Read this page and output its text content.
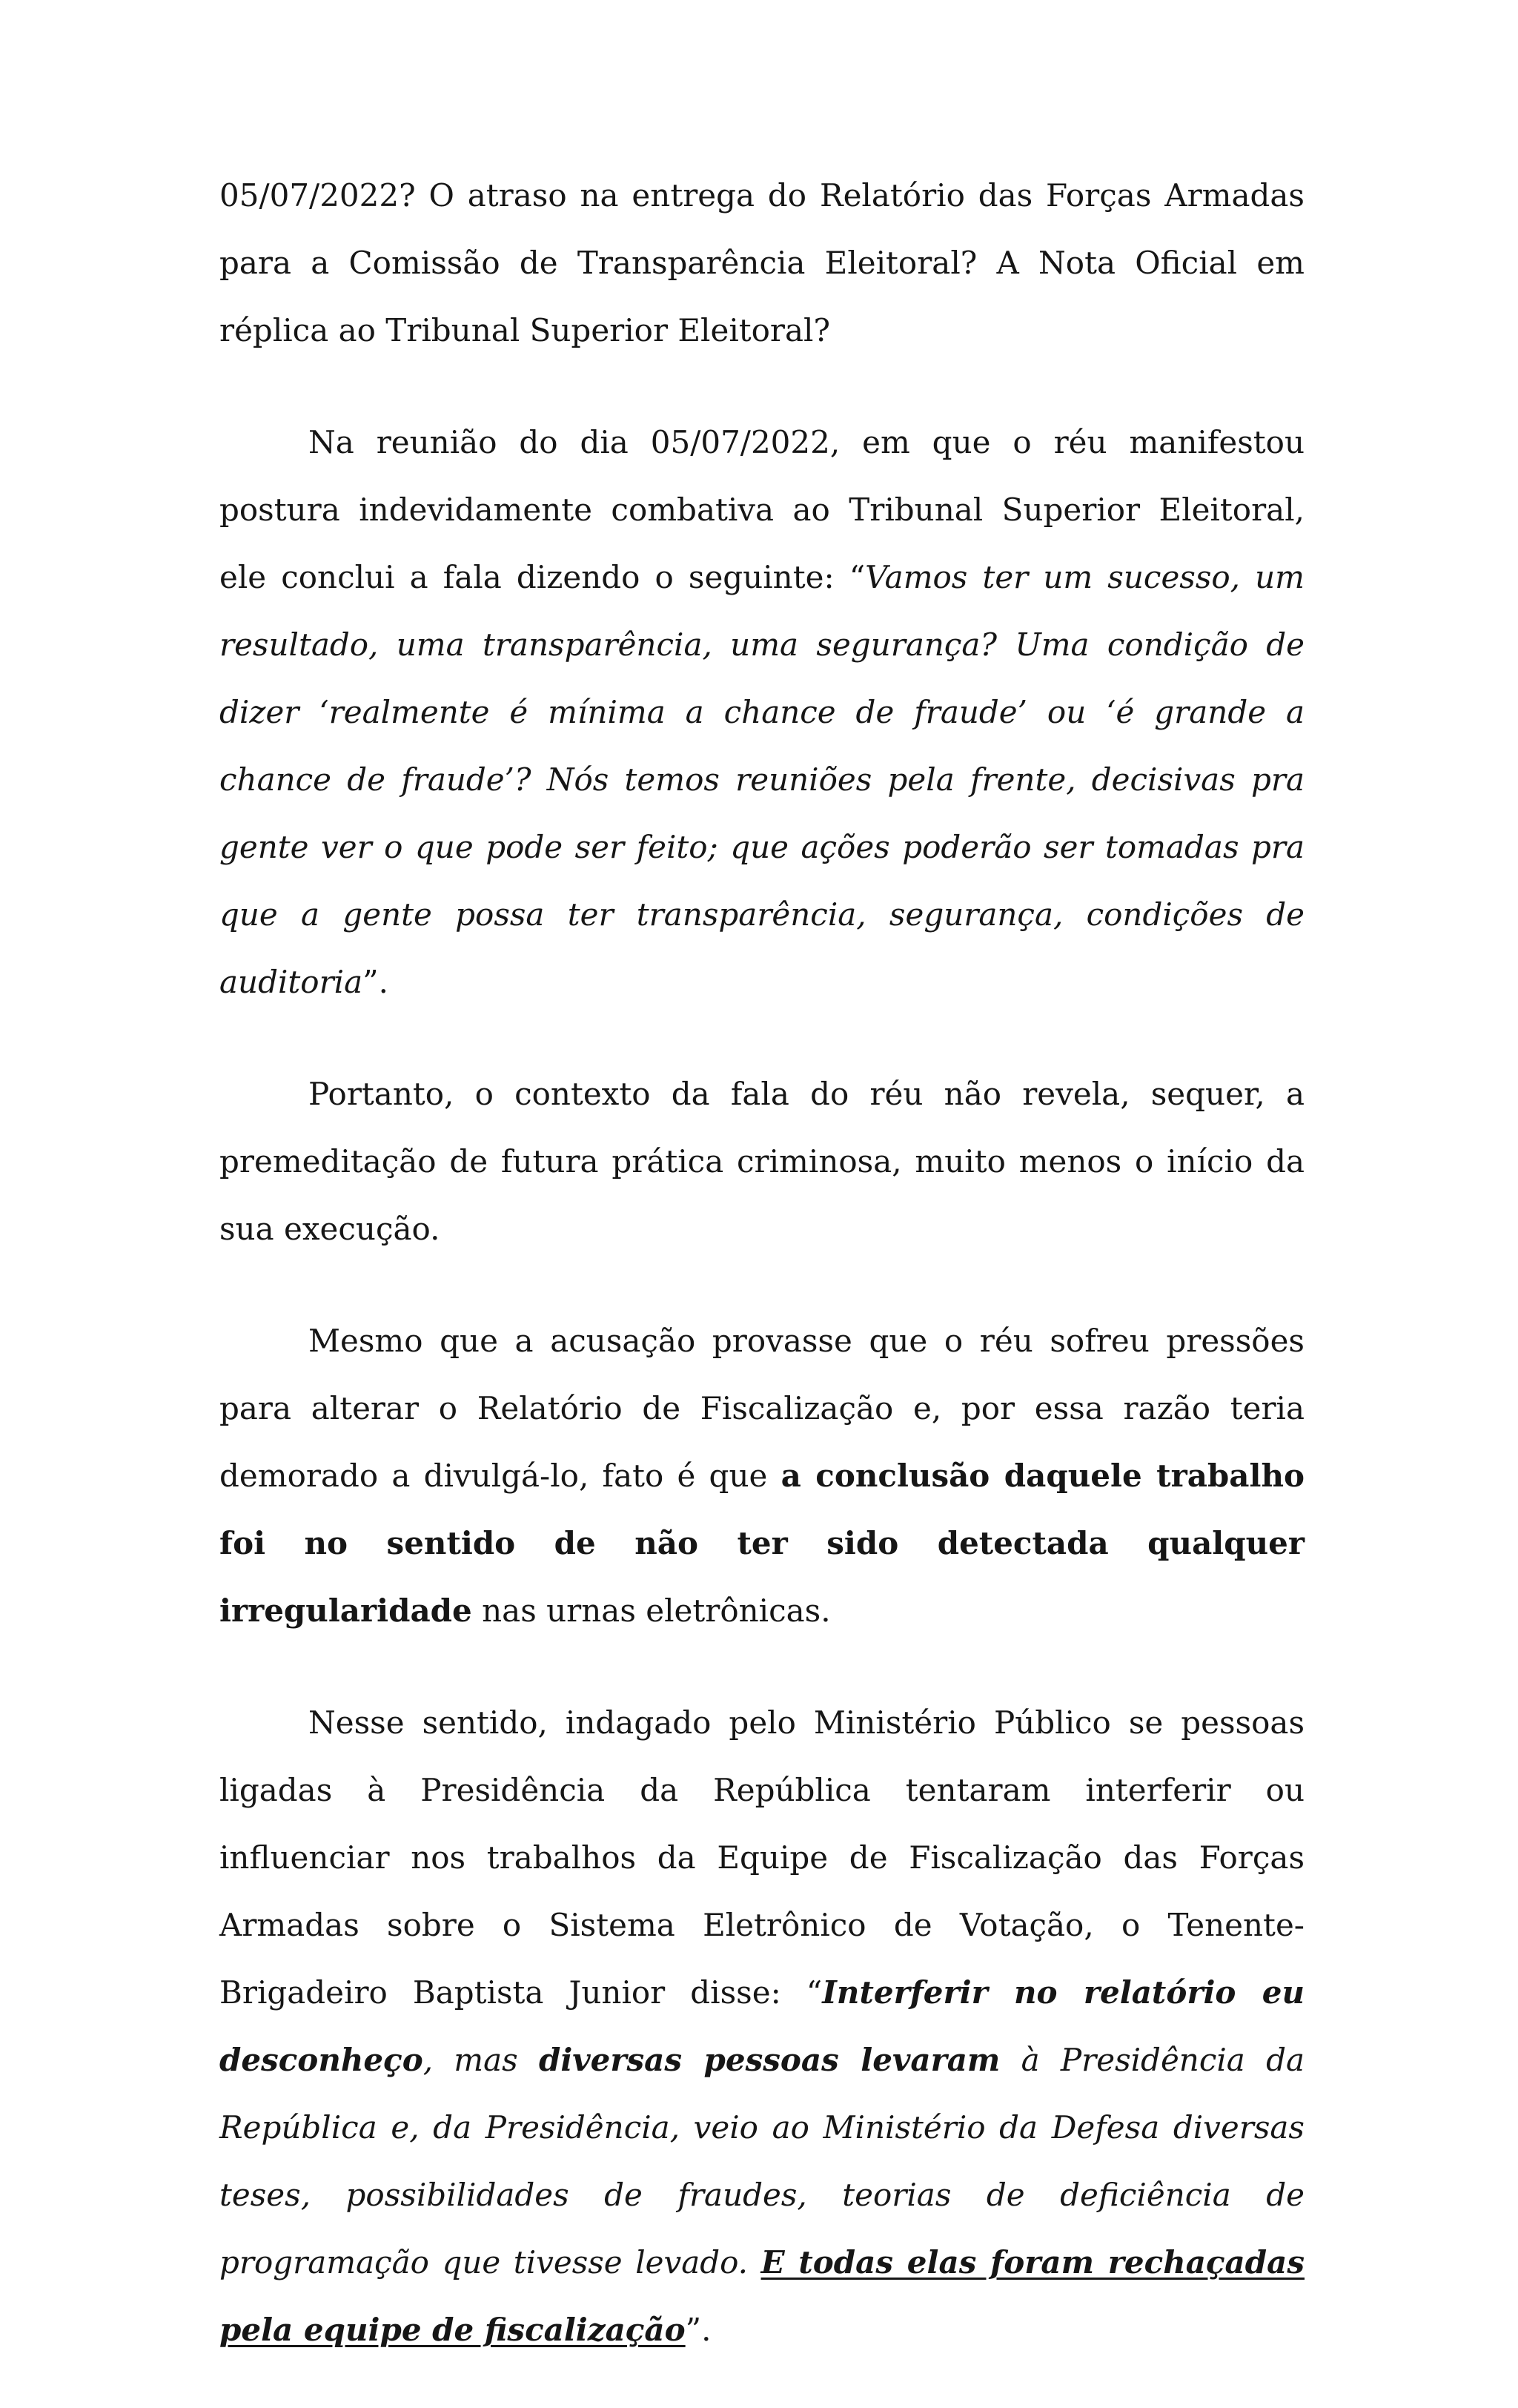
05/07/2022? O atraso na entrega do Relatório das Forças Armadas para a Comissão de Transparência Eleitoral? A Nota Oficial em réplica ao Tribunal Superior Eleitoral?

Na reunião do dia 05/07/2022, em que o réu manifestou postura indevidamente combativa ao Tribunal Superior Eleitoral, ele conclui a fala dizendo o seguinte: “Vamos ter um sucesso, um resultado, uma transparência, uma segurança? Uma condição de dizer ‘realmente é mínima a chance de fraude’ ou ‘é grande a chance de fraude’? Nós temos reuniões pela frente, decisivas pra gente ver o que pode ser feito; que ações poderão ser tomadas pra que a gente possa ter transparência, segurança, condições de auditoria”.

Portanto, o contexto da fala do réu não revela, sequer, a premeditação de futura prática criminosa, muito menos o início da sua execução.

Mesmo que a acusação provasse que o réu sofreu pressões para alterar o Relatório de Fiscalização e, por essa razão teria demorado a divulgá-lo, fato é que a conclusão daquele trabalho foi no sentido de não ter sido detectada qualquer irregularidade nas urnas eletrônicas.

Nesse sentido, indagado pelo Ministério Público se pessoas ligadas à Presidência da República tentaram interferir ou influenciar nos trabalhos da Equipe de Fiscalização das Forças Armadas sobre o Sistema Eletrônico de Votação, o Tenente-Brigadeiro Baptista Junior disse: “Interferir no relatório eu desconheço, mas diversas pessoas levaram à Presidência da República e, da Presidência, veio ao Ministério da Defesa diversas teses, possibilidades de fraudes, teorias de deficiência de programação que tivesse levado. E todas elas foram rechaçadas pela equipe de fiscalização”.
